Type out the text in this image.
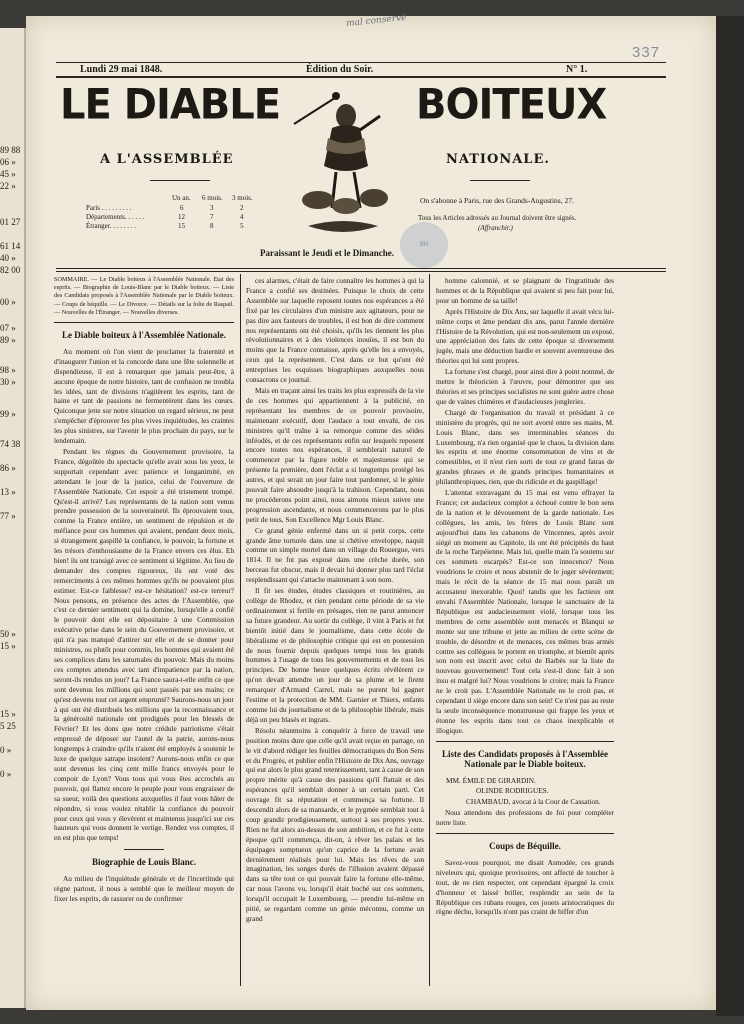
89 88
06 »
45 »
22 »
01 27
61 14
40 »
82 00
00 »
07 »
89 »
98 »
30 »
99 »
74 38
86 »
13 »
77 »
50 »
15 »
15 »
5 25
0 »
0 »
mal conservé
337
Lundi 29 mai 1848.	Édition du Soir.	N° 1.
LE DIABLE	BOITEUX
A L'ASSEMBLÉE	NATIONALE.
Un an. 6 mois. 3 mois.
Paris . . . . . . . . .	6	3	2
Départements. . . . . .	12	7	4
Étranger. . . . . . . .	15	8	5
On s'abonne à Paris, rue des Grands-Augustins, 27.
Tous les Articles adressés au Journal doivent être signés.
(Affranchir.)
BN
Paraissant le Jeudi et le Dimanche.

SOMMAIRE. — Le Diable boiteux à l'Assemblée Nationale. État des esprits. — Biographie de Louis-Blanc par le Diable boiteux. — Liste des Candidats proposés à l'Assemblée Nationale par le Diable boiteux. — Coups de béquille. — Le Divorce. — Détails sur la folie de Raspail. — Nouvelles de l'Étranger. — Nouvelles diverses.

Le Diable boiteux à l'Assemblée Nationale.

Au moment où l'on vient de proclamer la fraternité et d'inaugurer l'union et la concorde dans une fête solennelle et dispendieuse, il est à remarquer que jamais peut-être, à aucune époque de notre histoire, tant de confusion ne troubla les idées, tant de divisions n'agitèrent les esprits, tant de haine et tant de passions ne fermentèrent dans les cœurs. Quiconque jette sur notre situation un regard sérieux, ne peut s'empêcher d'éprouver les plus vives inquiétudes, les craintes les plus sinistres, sur l'avenir le plus prochain du pays, sur le lendemain.

Pendant les règnes du Gouvernement provisoire, la France, dégoûtée du spectacle qu'elle avait sous les yeux, le supportait cependant avec patience et longanimité, en attendant le jour de la justice, celui de l'ouverture de l'Assemblée Nationale. Cet espoir a été tristement trompé. Qu'est-il arrivé? Les représentants de la nation sont venus prendre possession de la souveraineté. Ils éprouvaient tous, comme la France entière, un sentiment de répulsion et de méfiance pour ces hommes qui avaient, pendant deux mois, si étrangement gaspillé la confiance, le pouvoir, la fortune et les trésors d'enthousiasme de la France envers ces élus. Eh bien! ils ont transigé avec ce sentiment si légitime. Au lieu de demander des comptes rigoureux, ils ont voté des remerciments à ces mêmes hommes qu'ils ne pouvaient plus estimer. Est-ce faiblesse? est-ce hésitation? est-ce terreur? Nous pensons, en présence des actes de l'Assemblée, que c'est ce dernier sentiment qui la domine, lorsqu'elle a confié le pouvoir dont elle est dépositaire à une Commission exécutive prise dans le sein du Gouvernement provisoire, et qui n'a pas manqué d'attirer sur elle et de se donner pour ministres, ou plutôt pour commis, les hommes qui avaient été ses complices dans les saturnales du pouvoir. Mais du moins ces comptes attendus avec tant d'impatience par la nation, seront-ils rendus un jour? La France saura-t-elle enfin ce que sont devenus les millions qui sont passés par ses mains; ce qu'est devenu tout cet argent emprunté? Saurons-nous un jour à qui ont été distribués les millions que la reconnaissance et la générosité nationale ont prodigués pour les blessés de Février? Et les dons que notre crédule patriotisme s'était empressé de déposer sur l'autel de la patrie, aurons-nous longtemps à craindre qu'ils n'aient été employés à soutenir le luxe de quelque satrape insolent? Aurons-nous enfin ce que sont devenus les cinq cent mille francs envoyés pour le compoir de Lyon? Vous tous qui vous êtes accrochés au pouvoir, qui flattez encore le peuple pour vous engraisser de sa sueur, voilà des questions auxquelles il faut vous hâter de répondre, si vous voulez rétablir la confiance du pouvoir pour ceux qui vous y élevèrent et maintenus jusqu'ici sur ces hauteurs qui vous donnent le vertige. Rendez vos comptes, il en est plus que temps!

Biographie de Louis Blanc.

Au milieu de l'inquiétude générale et de l'incertitude qui règne partout, il nous a semblé que le meilleur moyen de fixer les esprits, de rassurer ou de confirmer

ces alarmes, c'était de faire connaître les hommes à qui la France a confié ses destinées. Puisque le choix de cette Assemblée sur laquelle reposent toutes nos espérances a été fixé par les circulaires d'un ministre aux agitateurs, pour ne pas dire aux fauteurs de troubles, il est bon de dire comment nos représentants ont été choisis, qu'ils les tiennent les plus révolutionnaires et à des violences inouïes, il est bon du moins que la France connaisse, après qu'elle les a envoyés, ceux qui la représentent. C'est dans ce but qu'ont été entreprises les esquisses biographiques auxquelles nous consacrons ce journal.

Mais en traçant ainsi les traits les plus expressifs de la vie de ces hommes qui appartiennent à la publicité, en représentant les membres de ce pouvoir provisoire, maintenant exécutif, dont l'audace a tout envahi, de ces ministres qu'il traîne à sa remorque comme des séides inféodés, et de ces représentants enfin sur lesquels reposent encore toutes nos espérances, il semblerait naturel de commencer par la figure noble et majestueuse qui se présente la première, dont l'éclat a si longtemps protégé les autres, et qui serait un jour faire tout pardonner, si le génie pouvait faire absoudre jusqu'à la trahison. Cependant, nous ne procéderons point ainsi, nous aimons mieux suivre une progression ascendante, et nous commencerons par le plus petit de tous, Son Excellence Mgr Louis Blanc.

Ce grand génie enfermé dans un si petit corps, cette grande âme torturée dans une si chétive enveloppe, naquit comme un simple mortel dans un village du Rouergue, vers 1814. Il ne fut pas exposé dans une crèche dorée, son berceau fut obscur, mais il devait lui donner plus tard l'éclat resplendissant qui s'attache maintenant à son nom.

Il fit ses études, études classiques et routinières, au collège de Rhodez, et rien pendant cette période de sa vie ordinairement si fertile en présages, rien ne parut annoncer sa future grandeur. Au sortir du collège, il vint à Paris et fut bientôt initié dans le journalisme, dans cette école de libéralisme et de philosophie critique qui est en possession de nous fournir depuis quelques temps tous les grands hommes à l'usage de tous les gouvernements et de tous les principes. De bonne heure quelques écrits révélèrent ce qu'on devait attendre un jour de sa plume et le firent remarquer d'Armand Carrel, mais ne purent lui gagner l'estime et la protection de MM. Garnier et Thiers, enfants comme lui du journalisme et de la philosophie libérale, mais déjà un peu blasés et ingrats.

Résolu néanmoins à conquérir à force de travail une position moins dure que celle qu'il avait reçue en partage, on le vit d'abord rédiger les feuilles démocratiques du Bon Sens et du Progrès, et publier enfin l'Histoire de Dix Ans, ouvrage qui eut alors le plus grand retentissement, tant à cause de son propre mérite qu'à cause des passions qu'il flattait et des espérances qu'il semblait donner à un certain parti. Cet ouvrage fit sa réputation et commença sa fortune. Il descendit alors de sa mansarde, et le pygmée semblait tout à coup grandir prodigieusement, surtout à ses propres yeux. Rien ne fut alors au-dessus de son ambition, et ce fut à cette époque qu'il commença, dit-on, à rêver les palais et les équipages somptueux qu'un caprice de la fortune avait dernièrement réalisés pour lui. Mais les rêves de son imagination, les songes dorés de l'illusion avaient dépassé dans sa tête tout ce qui pouvait faire la fortune elle-même, car nous l'avons vu, lorsqu'il était boché sur ces sommets, lorsqu'il occupait le Luxembourg, — prendre lui-même en pitié, se regardant comme un génie méconnu, comme un grand

homme calomnié, et se plaignant de l'ingratitude des hommes et de la République qui avaient si peu fait pour lui, pour un homme de sa taille!

Après l'Histoire de Dix Ans, sur laquelle il avait vécu lui-même corps et âme pendant dix ans, parut l'année dernière l'Histoire de la Révolution, qui est non-seulement un exposé, une appréciation des faits de cette époque si diversement jugée, mais une déduction hardie et souvent aventureuse des théories qui lui sont propres.

La fortune s'est chargé, pour ainsi dire à point nommé, de mettre le théoricien à l'œuvre, pour démontrer que ses théories et ses principes socialistes ne sont guère autre chose que de vaines chimères et d'audacieuses jongleries.

Chargé de l'organisation du travail et présidant à ce ministère du progrès, qui ne sort avorté entre ses mains, M. Louis Blanc, dans ses interminables séances du Luxembourg, n'a rien organisé que le chaos, la division dans les esprits et une énorme consommation de vins et de comestibles, et il n'est rien sorti de tout ce grand fatras de grandes phrases et de grands principes humanitaires et philanthropiques, rien, que du ridicule et du gaspillage!

L'attentat extravagant du 15 mai est venu effrayer la France; cet audacieux complot a échoué contre le bon sens de la nation et le dévouement de la garde nationale. Les collègues, les amis, les frères de Louis Blanc sont aujourd'hui dans les cabanons de Vincennes, après avoir siégé un moment au Capitole, ils ont été précipités du haut de la roche Tarpéienne. Mais lui, quelle main l'a soutenu sur ces sommets escarpés? Est-ce son innocence? Nous voudrions le croire et nous abstenir de le juger sévèrement; mais le récit de la séance de 15 mai nous paraît un accusateur inexorable. Quoi! tandis que les factieux ont envahi l'Assemblée Nationale, lorsque le sanctuaire de la République est audacieusement violé, lorsque tous les membres de cette assemblée sont menacés et Blanqui se monte sur une tribune et jette au milieu de cette scène de trouble, de désordre et de menaces, ces mêmes bras armés contre ses collègues le portent en triomphe, et bientôt après son nom est inscrit avec celui de Barbès sur la liste du nouveau gouvernement! Tout cela s'est-il donc fait à son insu et malgré lui? Nous voudrions le croire; mais la France ne le croit pas. L'Assemblée Nationale ne le croit pas, et cependant il siège encore dans son sein! Ce n'est pas au reste la seule inconséquence monstrueuse qui frappe les yeux et étonne les esprits dans tout ce chaos inexplicable et illogique.

Liste des Candidats proposés à l'Assemblée Nationale par le Diable boiteux.

MM. ÉMILE DE GIRARDIN.

OLINDE RODRIGUES.

CHAMBAUD, avocat à la Cour de Cassation.

Nous attendons des professions de foi pour compléter notre liste.

Coups de Béquille.

Savez-vous pourquoi, me disait Asmodée, ces grands niveleurs qui, quoique provisoires, ont affecté de toucher à tout, de ne rien respecter, ont cependant épargné la croix d'honneur et laissé briller, resplendir au sein de la République ces rubans rouges, ces jouets aristocratiques du règne déchu, lorsqu'ils n'ont pas craint de biffer d'un
